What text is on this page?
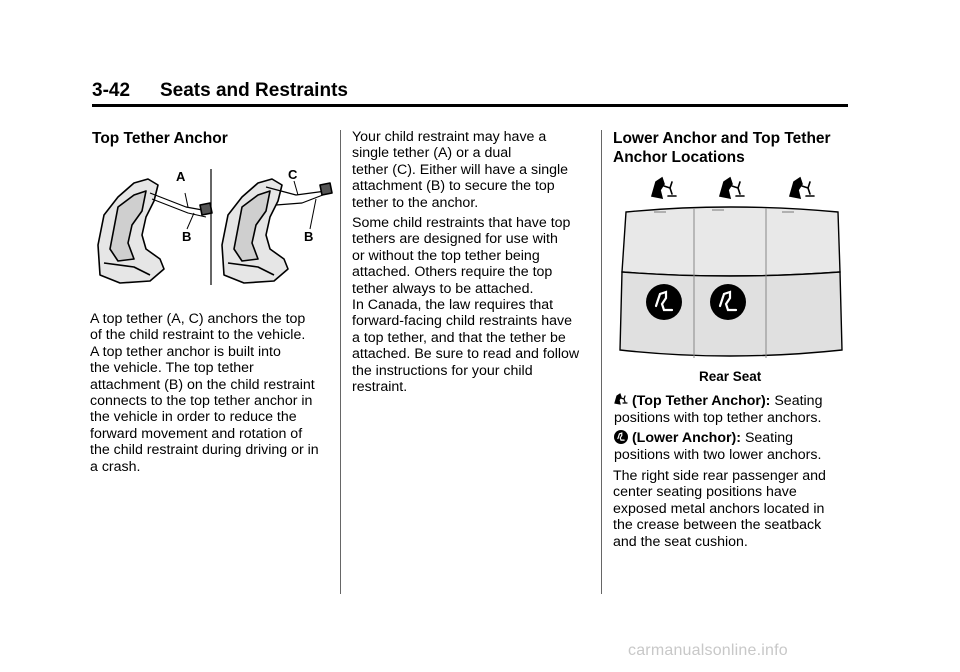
3-42 Seats and Restraints
Top Tether Anchor
A
B
C
B
A top tether (A, C) anchors the top
of the child restraint to the vehicle.
A top tether anchor is built into
the vehicle. The top tether
attachment (B) on the child restraint
connects to the top tether anchor in
the vehicle in order to reduce the
forward movement and rotation of
the child restraint during driving or in
a crash.
Your child restraint may have a
single tether (A) or a dual
tether (C). Either will have a single
attachment (B) to secure the top
tether to the anchor.
Some child restraints that have top
tethers are designed for use with
or without the top tether being
attached. Others require the top
tether always to be attached.
In Canada, the law requires that
forward-facing child restraints have
a top tether, and that the tether be
attached. Be sure to read and follow
the instructions for your child
restraint.
Lower Anchor and Top Tether
Anchor Locations
Rear Seat
(Top Tether Anchor): Seating
positions with top tether anchors.
(Lower Anchor): Seating
positions with two lower anchors.
The right side rear passenger and
center seating positions have
exposed metal anchors located in
the crease between the seatback
and the seat cushion.
carmanualsonline.info
